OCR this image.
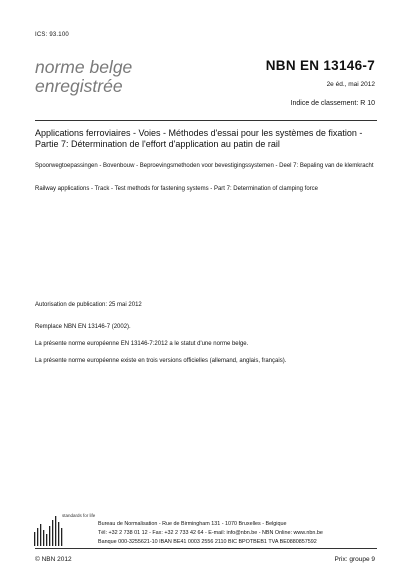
ICS: 93.100
norme belge
enregistrée
NBN EN 13146-7
2e éd., mai 2012
Indice de classement: R 10
Applications ferroviaires - Voies - Méthodes d'essai pour les systèmes de fixation - Partie 7: Détermination de l'effort d'application au patin de rail
Spoorwegtoepassingen - Bovenbouw - Beproevingsmethoden voor bevestigingssystemen - Deel 7: Bepaling van de klemkracht
Railway applications - Track - Test methods for fastening systems - Part 7: Determination of clamping force
Autorisation de publication: 25 mai 2012
Remplace NBN EN 13146-7 (2002).
La présente norme européenne EN 13146-7:2012 a le statut d'une norme belge.
La présente norme européenne existe en trois versions officielles (allemand, anglais, français).
standards for life
Bureau de Normalisation - Rue de Birmingham 131 - 1070 Bruxelles - Belgique
Tél: +32 2 738 01 12 - Fax: +32 2 733 42 64 - E-mail: info@nbn.be - NBN Online: www.nbn.be
Banque 000-3255621-10 IBAN BE41 0003 2556 2110 BIC BPOTBEB1 TVA BE0880857592
© NBN 2012	Prix: groupe 9
